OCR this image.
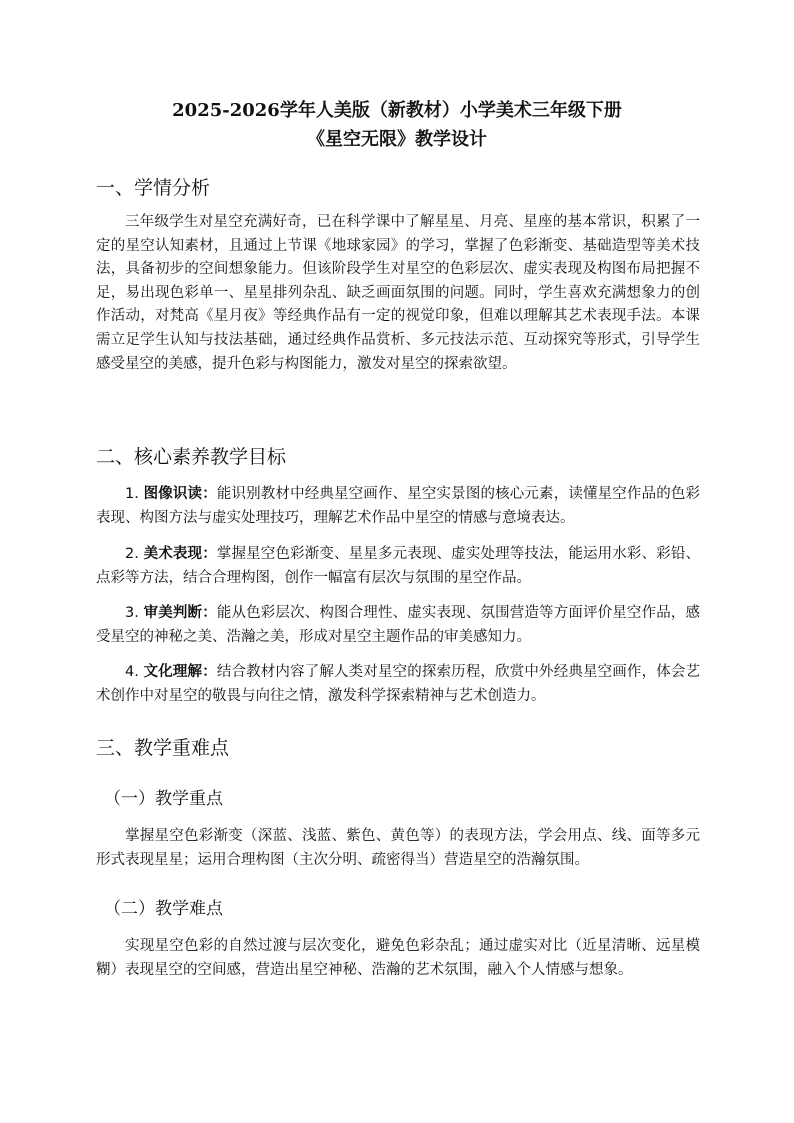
2025-2026学年人美版（新教材）小学美术三年级下册
《星空无限》教学设计
一、学情分析
三年级学生对星空充满好奇，已在科学课中了解星星、月亮、星座的基本常识，积累了一定的星空认知素材，且通过上节课《地球家园》的学习，掌握了色彩渐变、基础造型等美术技法，具备初步的空间想象能力。但该阶段学生对星空的色彩层次、虚实表现及构图布局把握不足，易出现色彩单一、星星排列杂乱、缺乏画面氛围的问题。同时，学生喜欢充满想象力的创作活动，对梵高《星月夜》等经典作品有一定的视觉印象，但难以理解其艺术表现手法。本课需立足学生认知与技法基础，通过经典作品赏析、多元技法示范、互动探究等形式，引导学生感受星空的美感，提升色彩与构图能力，激发对星空的探索欲望。
二、核心素养教学目标
1. 图像识读：能识别教材中经典星空画作、星空实景图的核心元素，读懂星空作品的色彩表现、构图方法与虚实处理技巧，理解艺术作品中星空的情感与意境表达。
2. 美术表现：掌握星空色彩渐变、星星多元表现、虚实处理等技法，能运用水彩、彩铅、点彩等方法，结合合理构图，创作一幅富有层次与氛围的星空作品。
3. 审美判断：能从色彩层次、构图合理性、虚实表现、氛围营造等方面评价星空作品，感受星空的神秘之美、浩瀚之美，形成对星空主题作品的审美感知力。
4. 文化理解：结合教材内容了解人类对星空的探索历程，欣赏中外经典星空画作，体会艺术创作中对星空的敬畏与向往之情，激发科学探索精神与艺术创造力。
三、教学重难点
（一）教学重点
掌握星空色彩渐变（深蓝、浅蓝、紫色、黄色等）的表现方法，学会用点、线、面等多元形式表现星星；运用合理构图（主次分明、疏密得当）营造星空的浩瀚氛围。
（二）教学难点
实现星空色彩的自然过渡与层次变化，避免色彩杂乱；通过虚实对比（近星清晰、远星模糊）表现星空的空间感，营造出星空神秘、浩瀚的艺术氛围，融入个人情感与想象。
